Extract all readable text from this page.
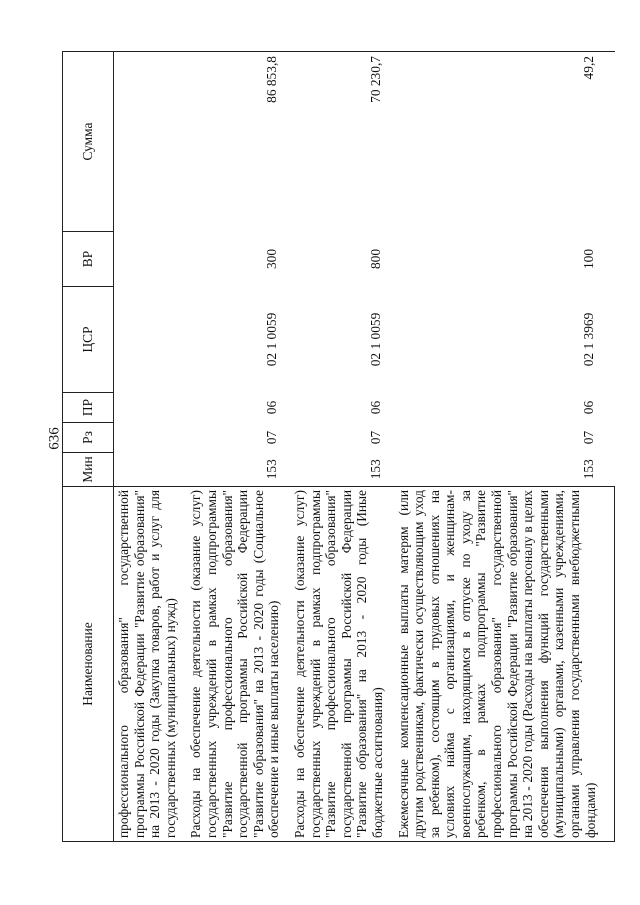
636
Наименование	Мин	Рз	ПР	ЦСР	ВР	Сумма
профессионального образования" государственной программы Российской Федерации "Развитие образования" на 2013 - 2020 годы (Закупка товаров, работ и услуг для государственных (муниципальных) нужд)						
Расходы на обеспечение деятельности (оказание услуг) государственных учреждений в рамках подпрограммы "Развитие профессионального образования" государственной программы Российской Федерации "Развитие образования" на 2013 - 2020 годы (Социальное обеспечение и иные выплаты населению)	153	07	06	02 1 0059	300	86 853,8
Расходы на обеспечение деятельности (оказание услуг) государственных учреждений в рамках подпрограммы "Развитие профессионального образования" государственной программы Российской Федерации "Развитие образования" на 2013 - 2020 годы (Иные бюджетные ассигнования)	153	07	06	02 1 0059	800	70 230,7
Ежемесячные компенсационные выплаты матерям (или другим родственникам, фактически осуществляющим уход за ребенком), состоящим в трудовых отношениях на условиях найма с организациями, и женщинам-военнослужащим, находящимся в отпуске по уходу за ребенком, в рамках подпрограммы "Развитие профессионального образования" государственной программы Российской Федерации "Развитие образования" на 2013 - 2020 годы (Расходы на выплаты персоналу в целях обеспечения выполнения функций государственными (муниципальными) органами, казенными учреждениями, органами управления государственными внебюджетными фондами)	153	07	06	02 1 3969	100	49,2
